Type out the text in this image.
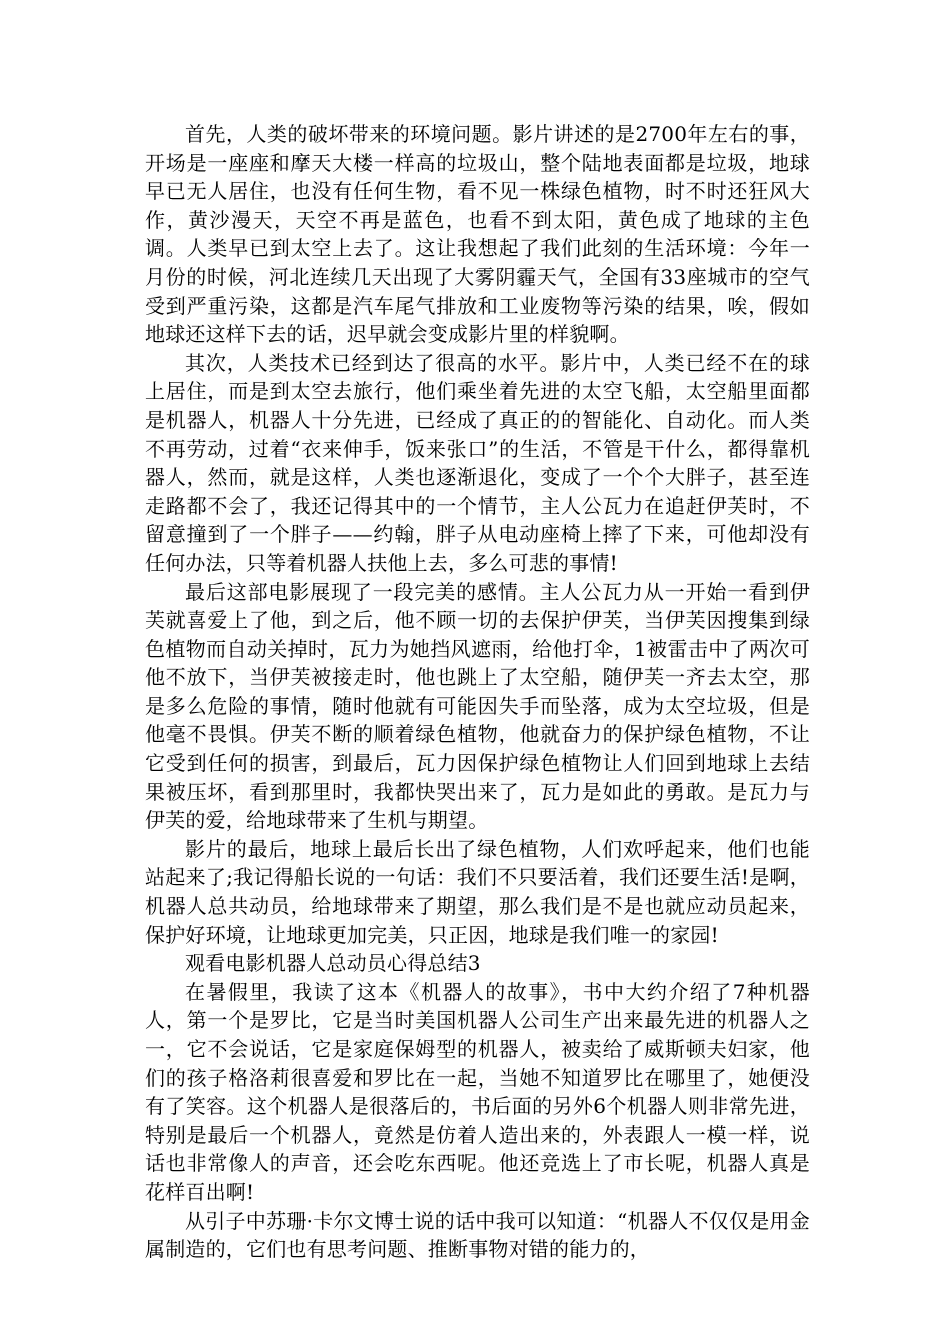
首先，人类的破坏带来的环境问题。影片讲述的是2700年左右的事，开场是一座座和摩天大楼一样高的垃圾山，整个陆地表面都是垃圾，地球早已无人居住，也没有任何生物，看不见一株绿色植物，时不时还狂风大作，黄沙漫天，天空不再是蓝色，也看不到太阳，黄色成了地球的主色调。人类早已到太空上去了。这让我想起了我们此刻的生活环境：今年一月份的时候，河北连续几天出现了大雾阴霾天气，全国有33座城市的空气受到严重污染，这都是汽车尾气排放和工业废物等污染的结果，唉，假如地球还这样下去的话，迟早就会变成影片里的样貌啊。

其次，人类技术已经到达了很高的水平。影片中，人类已经不在的球上居住，而是到太空去旅行，他们乘坐着先进的太空飞船，太空船里面都是机器人，机器人十分先进，已经成了真正的的智能化、自动化。而人类不再劳动，过着“衣来伸手，饭来张口”的生活，不管是干什么，都得靠机器人，然而，就是这样，人类也逐渐退化，变成了一个个大胖子，甚至连走路都不会了，我还记得其中的一个情节，主人公瓦力在追赶伊芙时，不留意撞到了一个胖子——约翰，胖子从电动座椅上摔了下来，可他却没有任何办法，只等着机器人扶他上去，多么可悲的事情!

最后这部电影展现了一段完美的感情。主人公瓦力从一开始一看到伊芙就喜爱上了他，到之后，他不顾一切的去保护伊芙，当伊芙因搜集到绿色植物而自动关掉时，瓦力为她挡风遮雨，给他打伞，1被雷击中了两次可他不放下，当伊芙被接走时，他也跳上了太空船，随伊芙一齐去太空，那是多么危险的事情，随时他就有可能因失手而坠落，成为太空垃圾，但是他毫不畏惧。伊芙不断的顺着绿色植物，他就奋力的保护绿色植物，不让它受到任何的损害，到最后，瓦力因保护绿色植物让人们回到地球上去结果被压坏，看到那里时，我都快哭出来了，瓦力是如此的勇敢。是瓦力与伊芙的爱，给地球带来了生机与期望。

影片的最后，地球上最后长出了绿色植物，人们欢呼起来，他们也能站起来了;我记得船长说的一句话：我们不只要活着，我们还要生活!是啊，机器人总共动员，给地球带来了期望，那么我们是不是也就应动员起来，保护好环境，让地球更加完美，只正因，地球是我们唯一的家园!

观看电影机器人总动员心得总结3

在暑假里，我读了这本《机器人的故事》，书中大约介绍了7种机器人，第一个是罗比，它是当时美国机器人公司生产出来最先进的机器人之一，它不会说话，它是家庭保姆型的机器人，被卖给了威斯顿夫妇家，他们的孩子格洛莉很喜爱和罗比在一起，当她不知道罗比在哪里了，她便没有了笑容。这个机器人是很落后的，书后面的另外6个机器人则非常先进，特别是最后一个机器人，竟然是仿着人造出来的，外表跟人一模一样，说话也非常像人的声音，还会吃东西呢。他还竞选上了市长呢，机器人真是花样百出啊!

从引子中苏珊·卡尔文博士说的话中我可以知道：“机器人不仅仅是用金属制造的，它们也有思考问题、推断事物对错的能力的，
